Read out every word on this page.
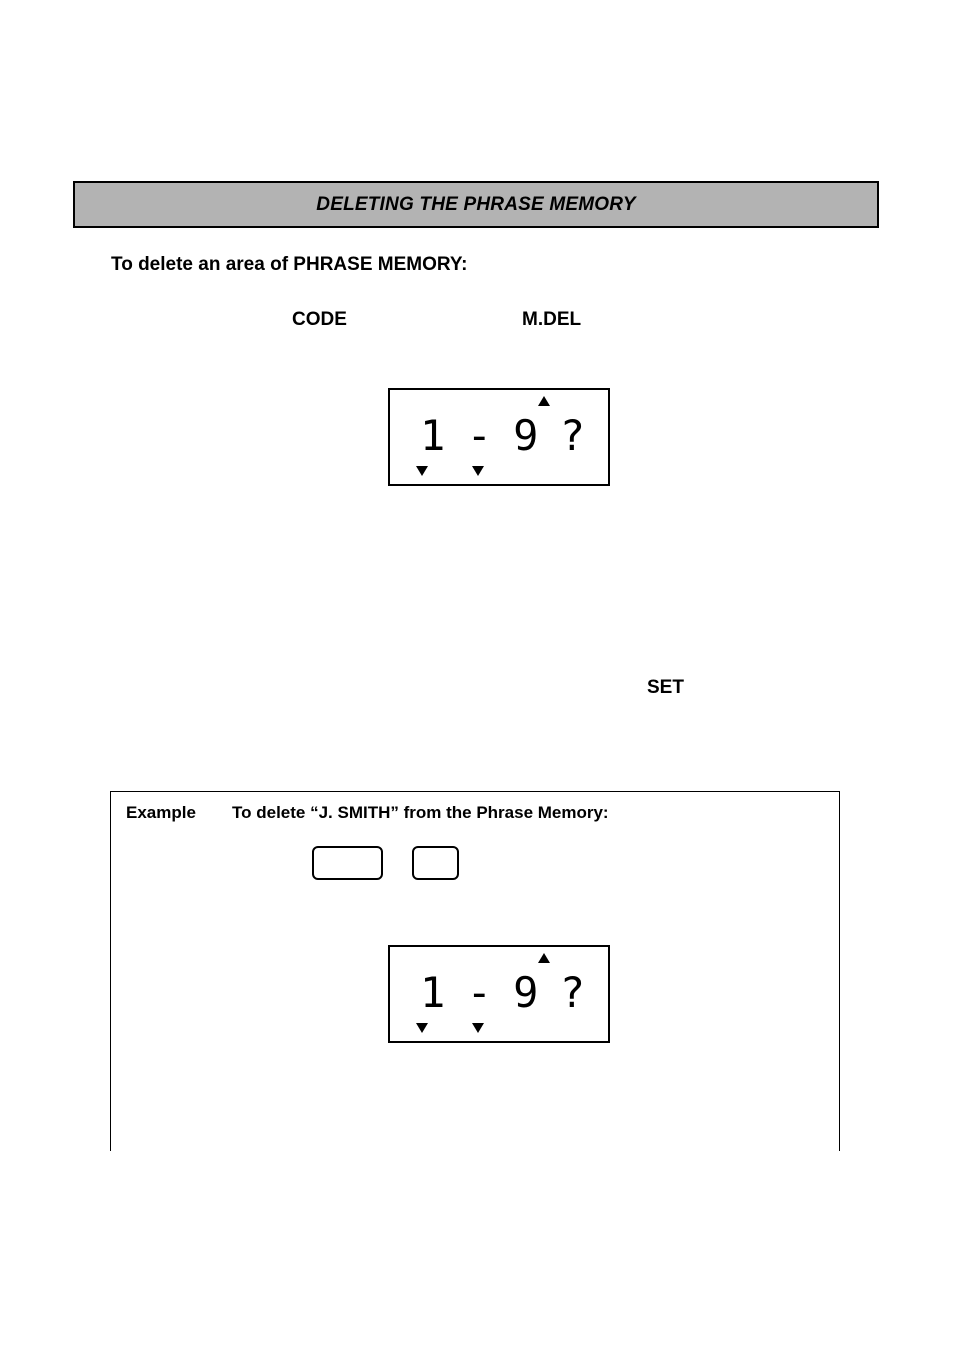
DELETING THE PHRASE MEMORY
To delete an area of PHRASE MEMORY:
CODE	M.DEL
1 - 9 ?
SET
Example To delete “J. SMITH” from the Phrase Memory:
1 - 9 ?
